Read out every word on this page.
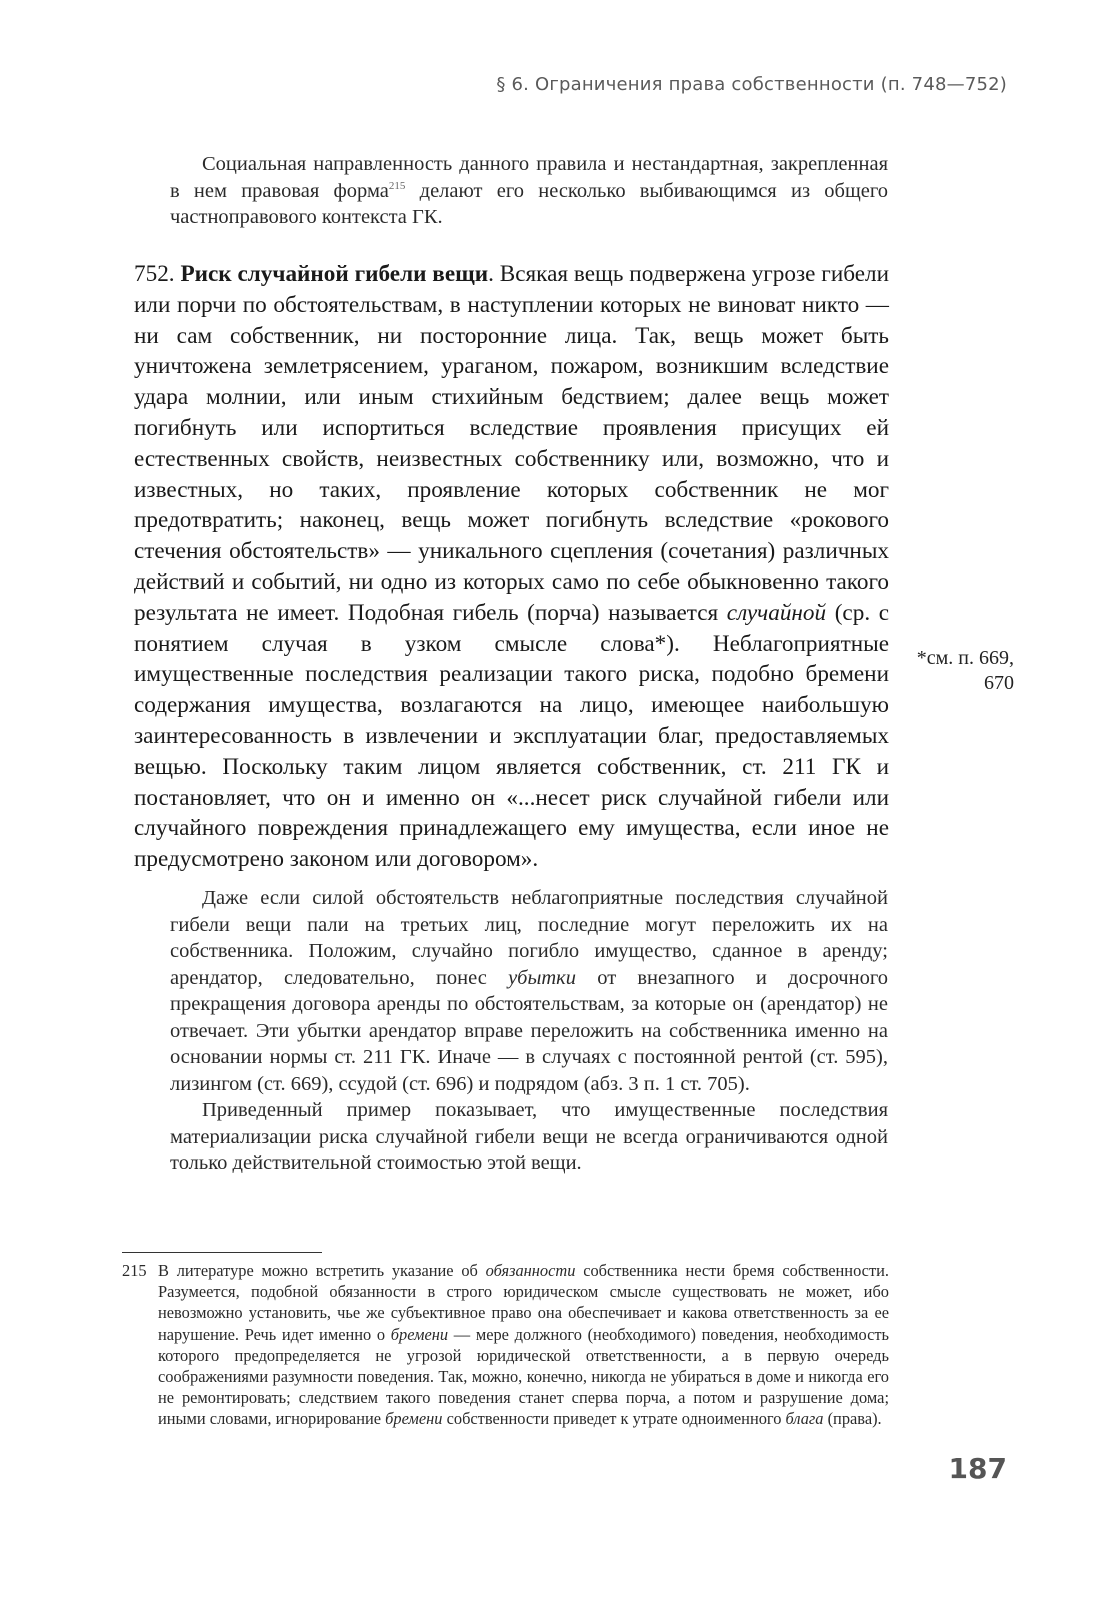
§ 6. Ограничения права собственности (п. 748—752)

Социальная направленность данного правила и нестандартная, закрепленная в нем правовая форма$^{215}$ делают его несколько выбивающимся из общего частноправового контекста ГК.

752. Риск случайной гибели вещи. Всякая вещь подвержена угрозе гибели или порчи по обстоятельствам, в наступлении которых не виноват никто — ни сам собственник, ни посторонние лица. Так, вещь может быть уничтожена землетрясением, ураганом, пожаром, возникшим вследствие удара молнии, или иным стихийным бедствием; далее вещь может погибнуть или испортиться вследствие проявления присущих ей естественных свойств, неизвестных собственнику или, возможно, что и известных, но таких, проявление которых собственник не мог предотвратить; наконец, вещь может погибнуть вследствие «рокового стечения обстоятельств» — уникального сцепления (сочетания) различных действий и событий, ни одно из которых само по себе обыкновенно такого результата не имеет. Подобная гибель (порча) называется случайной (ср. с понятием случая в узком смысле слова*). Неблагоприятные имущественные последствия реализации такого риска, подобно бремени содержания имущества, возлагаются на лицо, имеющее наибольшую заинтересованность в извлечении и эксплуатации благ, предоставляемых вещью. Поскольку таким лицом является собственник, ст. 211 ГК и постановляет, что он и именно он «...несет риск случайной гибели или случайного повреждения принадлежащего ему имущества, если иное не предусмотрено законом или договором».

*см. п. 669, 670

Даже если силой обстоятельств неблагоприятные последствия случайной гибели вещи пали на третьих лиц, последние могут переложить их на собственника. Положим, случайно погибло имущество, сданное в аренду; арендатор, следовательно, понес убытки от внезапного и досрочного прекращения договора аренды по обстоятельствам, за которые он (арендатор) не отвечает. Эти убытки арендатор вправе переложить на собственника именно на основании нормы ст. 211 ГК. Иначе — в случаях с постоянной рентой (ст. 595), лизингом (ст. 669), ссудой (ст. 696) и подрядом (абз. 3 п. 1 ст. 705).

Приведенный пример показывает, что имущественные последствия материализации риска случайной гибели вещи не всегда ограничиваются одной только действительной стоимостью этой вещи.

215 В литературе можно встретить указание об обязанности собственника нести бремя собственности. Разумеется, подобной обязанности в строго юридическом смысле существовать не может, ибо невозможно установить, чье же субъективное право она обеспечивает и какова ответственность за ее нарушение. Речь идет именно о бремени — мере должного (необходимого) поведения, необходимость которого предопределяется не угрозой юридической ответственности, а в первую очередь соображениями разумности поведения. Так, можно, конечно, никогда не убираться в доме и никогда его не ремонтировать; следствием такого поведения станет сперва порча, а потом и разрушение дома; иными словами, игнорирование бремени собственности приведет к утрате одноименного блага (права).
187
